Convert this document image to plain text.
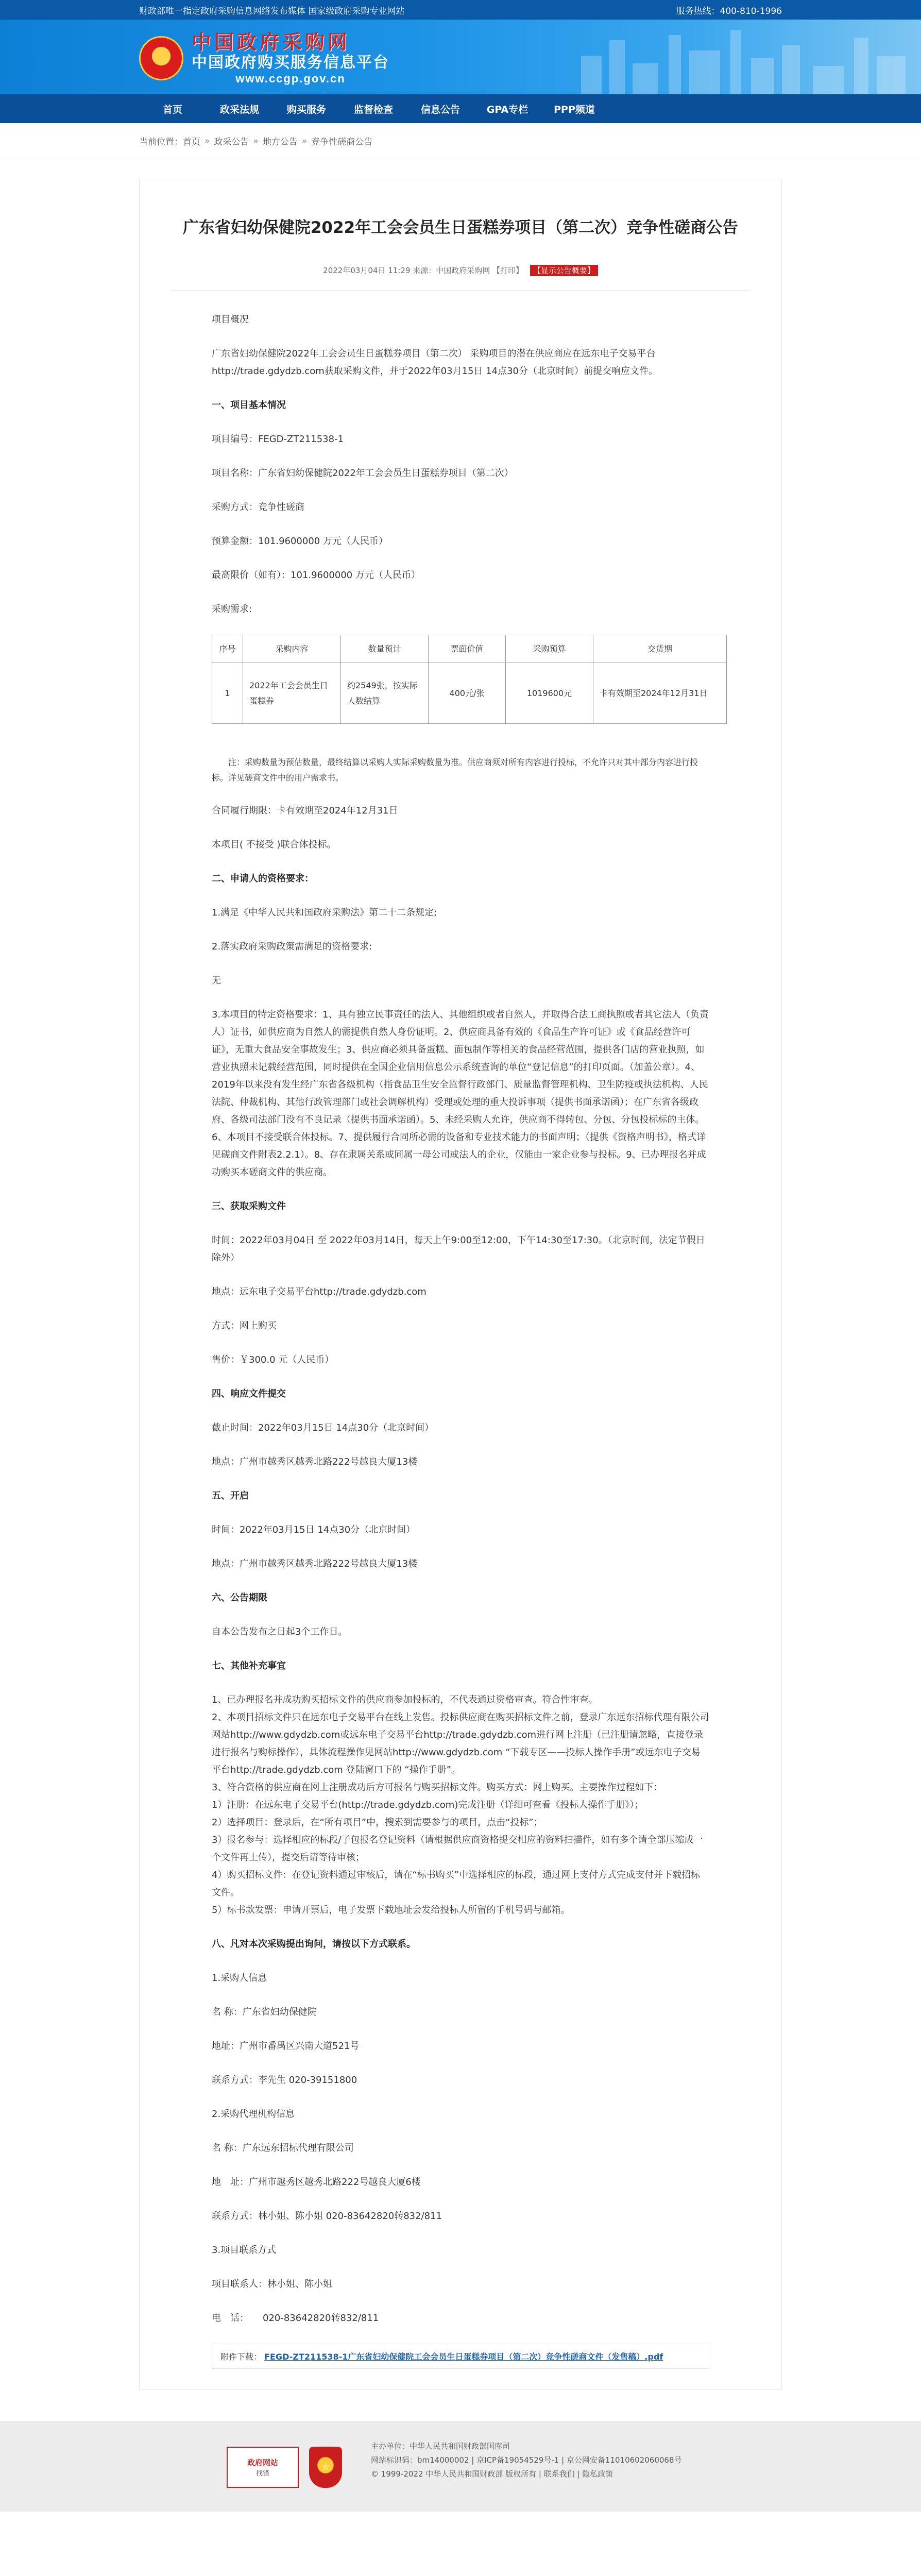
财政部唯一指定政府采购信息网络发布媒体 国家级政府采购专业网站	服务热线：400-810-1996
★
中国政府采购网
中国政府购买服务信息平台
www.ccgp.gov.cn
首页	政采法规	购买服务	监督检查	信息公告	GPA专栏	PPP频道
当前位置： 首页 » 政采公告 » 地方公告 » 竞争性磋商公告
广东省妇幼保健院2022年工会会员生日蛋糕券项目（第二次）竞争性磋商公告
2022年03月04日 11:29 来源：中国政府采购网 【打印】 【显示公告概要】

项目概况

广东省妇幼保健院2022年工会会员生日蛋糕券项目（第二次） 采购项目的潜在供应商应在远东电子交易平台http://trade.gdydzb.com获取采购文件，并于2022年03月15日 14点30分（北京时间）前提交响应文件。

一、项目基本情况

项目编号：FEGD-ZT211538-1

项目名称：广东省妇幼保健院2022年工会会员生日蛋糕券项目（第二次）

采购方式：竞争性磋商

预算金额：101.9600000 万元（人民币）

最高限价（如有）：101.9600000 万元（人民币）

采购需求:

序号	采购内容	数量预计	票面价值	采购预算	交货期
1	2022年工会会员生日蛋糕券	约2549张，按实际人数结算	400元/张	1019600元	卡有效期至2024年12月31日

注：采购数量为预估数量，最终结算以采购人实际采购数量为准。供应商须对所有内容进行投标，不允许只对其中部分内容进行投标。详见磋商文件中的用户需求书。

合同履行期限：卡有效期至2024年12月31日

本项目( 不接受 )联合体投标。

二、申请人的资格要求：

1.满足《中华人民共和国政府采购法》第二十二条规定;

2.落实政府采购政策需满足的资格要求:

无

3.本项目的特定资格要求：1、具有独立民事责任的法人、其他组织或者自然人，并取得合法工商执照或者其它法人（负责人）证书，如供应商为自然人的需提供自然人身份证明。2、供应商具备有效的《食品生产许可证》或《食品经营许可证》，无重大食品安全事故发生；3、供应商必须具备蛋糕、面包制作等相关的食品经营范围，提供各门店的营业执照，如营业执照未记载经营范围，同时提供在全国企业信用信息公示系统查询的单位“登记信息”的打印页面。（加盖公章）。4、2019年以来没有发生经广东省各级机构（指食品卫生安全监督行政部门、质量监督管理机构、卫生防疫或执法机构、人民法院、仲裁机构、其他行政管理部门或社会调解机构）受理或处理的重大投诉事项（提供书面承诺函）；在广东省各级政府、各级司法部门没有不良记录（提供书面承诺函）。5、未经采购人允许，供应商不得转包、分包、分包投标标的主体。6、本项目不接受联合体投标。7、提供履行合同所必需的设备和专业技术能力的书面声明；（提供《资格声明书》，格式详见磋商文件附表2.2.1）。8、存在隶属关系或同属一母公司或法人的企业，仅能由一家企业参与投标。9、已办理报名并成功购买本磋商文件的供应商。

三、获取采购文件

时间：2022年03月04日 至 2022年03月14日，每天上午9:00至12:00，下午14:30至17:30。（北京时间，法定节假日除外）

地点：远东电子交易平台http://trade.gdydzb.com

方式：网上购买

售价：￥300.0 元（人民币）

四、响应文件提交

截止时间：2022年03月15日 14点30分（北京时间）

地点：广州市越秀区越秀北路222号越良大厦13楼

五、开启

时间：2022年03月15日 14点30分（北京时间）

地点：广州市越秀区越秀北路222号越良大厦13楼

六、公告期限

自本公告发布之日起3个工作日。

七、其他补充事宜

1、已办理报名并成功购买招标文件的供应商参加投标的，不代表通过资格审查。符合性审查。

2、本项目招标文件只在远东电子交易平台在线上发售。投标供应商在购买招标文件之前，登录广东远东招标代理有限公司网站http://www.gdydzb.com或远东电子交易平台http://trade.gdydzb.com进行网上注册（已注册请忽略，直接登录进行报名与购标操作），具体流程操作见网站http://www.gdydzb.com “下载专区——投标人操作手册”或远东电子交易平台http://trade.gdydzb.com 登陆窗口下的 “操作手册”。

3、符合资格的供应商在网上注册成功后方可报名与购买招标文件。购买方式：网上购买。主要操作过程如下：

1）注册：在远东电子交易平台(http://trade.gdydzb.com)完成注册（详细可查看《投标人操作手册》）；

2）选择项目：登录后，在“所有项目”中，搜索到需要参与的项目，点击“投标”；

3）报名参与：选择相应的标段/子包报名登记资料（请根据供应商资格提交相应的资料扫描件，如有多个请全部压缩成一个文件再上传），提交后请等待审核；

4）购买招标文件：在登记资料通过审核后，请在“标书购买”中选择相应的标段，通过网上支付方式完成支付并下载招标文件。

5）标书款发票：申请开票后，电子发票下载地址会发给投标人所留的手机号码与邮箱。

八、凡对本次采购提出询问，请按以下方式联系。

1.采购人信息

名 称：广东省妇幼保健院

地址：广州市番禺区兴南大道521号

联系方式：李先生 020-39151800

2.采购代理机构信息

名 称：广东远东招标代理有限公司

地　址：广州市越秀区越秀北路222号越良大厦6楼

联系方式：林小姐、陈小姐 020-83642820转832/811

3.项目联系方式

项目联系人：林小姐、陈小姐

电　话：　　020-83642820转832/811

附件下载： FEGD-ZT211538-1广东省妇幼保健院工会会员生日蛋糕券项目（第二次）竞争性磋商文件（发售稿）.pdf
政府网站
找错	★
主办单位：中华人民共和国财政部国库司
网站标识码：bm14000002 | 京ICP备19054529号-1 | 京公网安备11010602060068号
© 1999-2022 中华人民共和国财政部 版权所有 | 联系我们 | 隐私政策
